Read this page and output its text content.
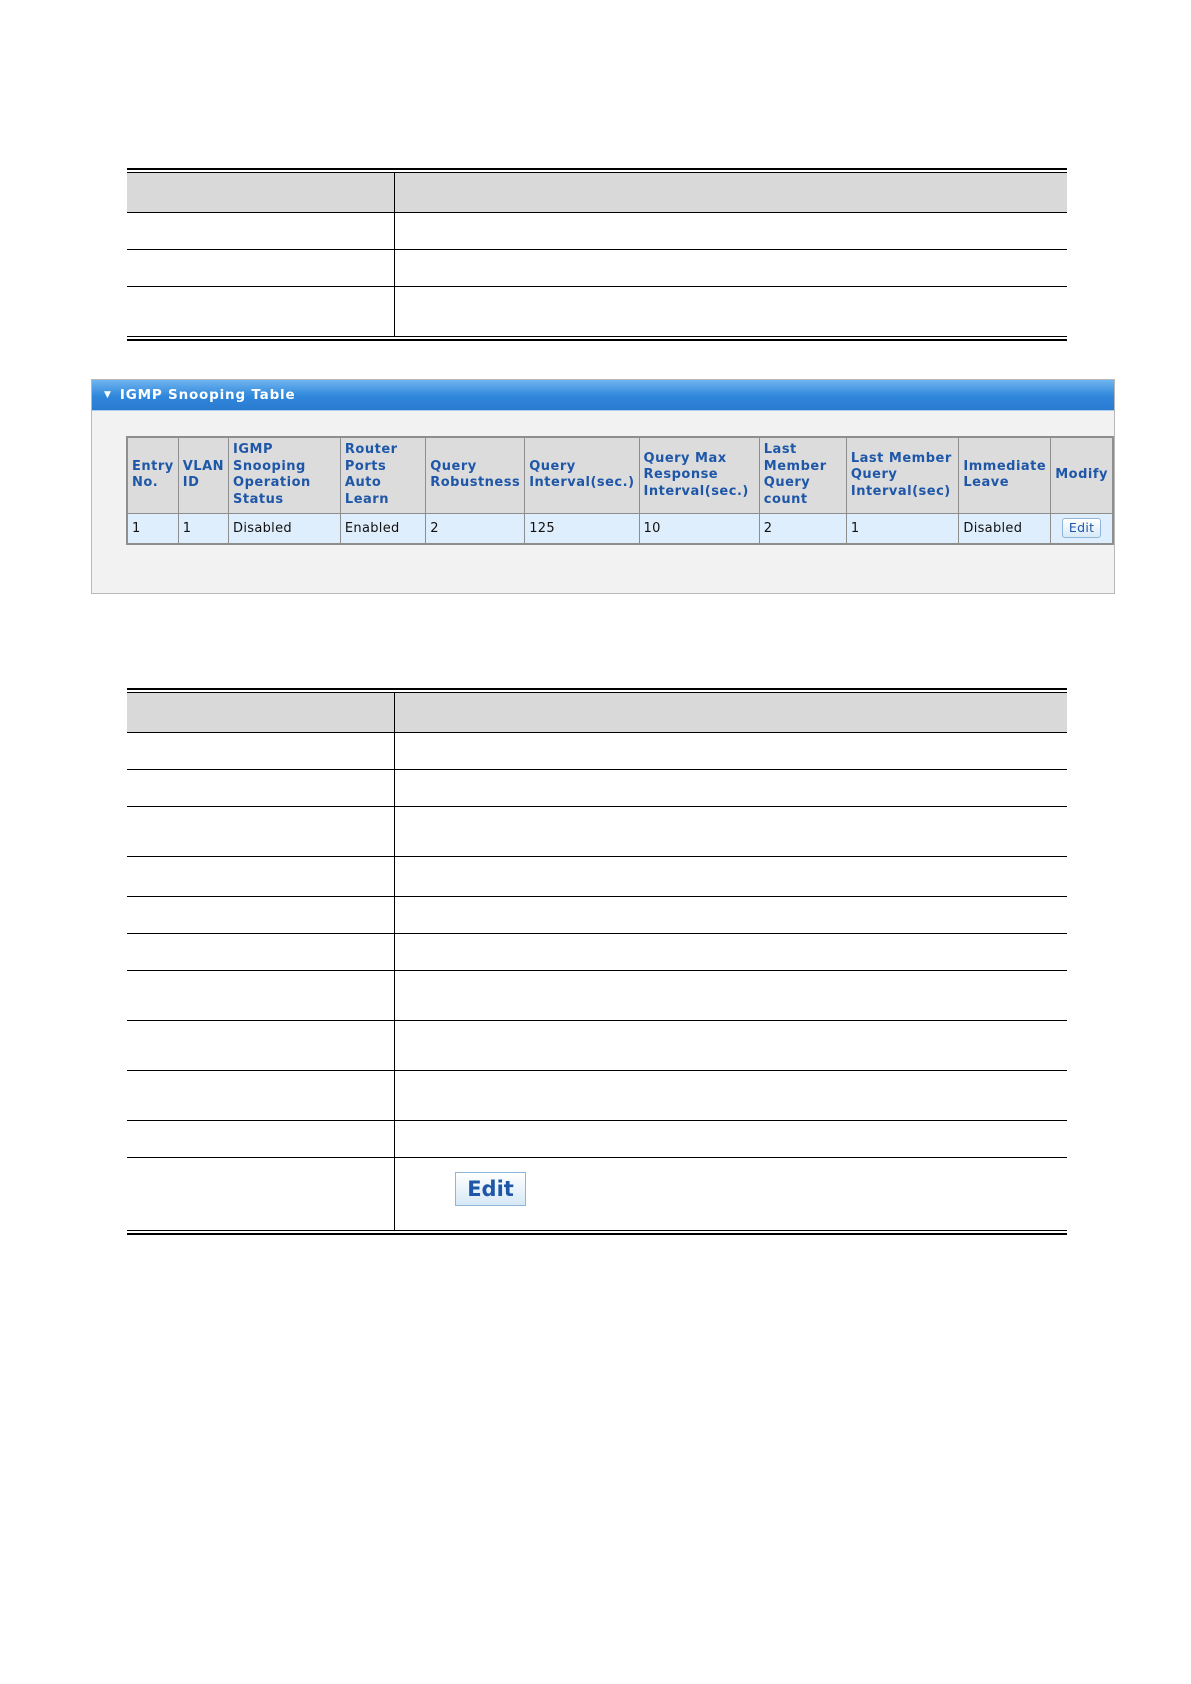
▼ IGMP Snooping Table
Entry No.	VLAN ID	IGMP Snooping Operation Status	Router Ports Auto Learn	Query Robustness	Query Interval(sec.)	Query Max Response Interval(sec.)	Last Member Query count	Last Member Query Interval(sec)	Immediate Leave	Modify
1	1	Disabled	Enabled	2	125	10	2	1	Disabled	Edit
Edit
